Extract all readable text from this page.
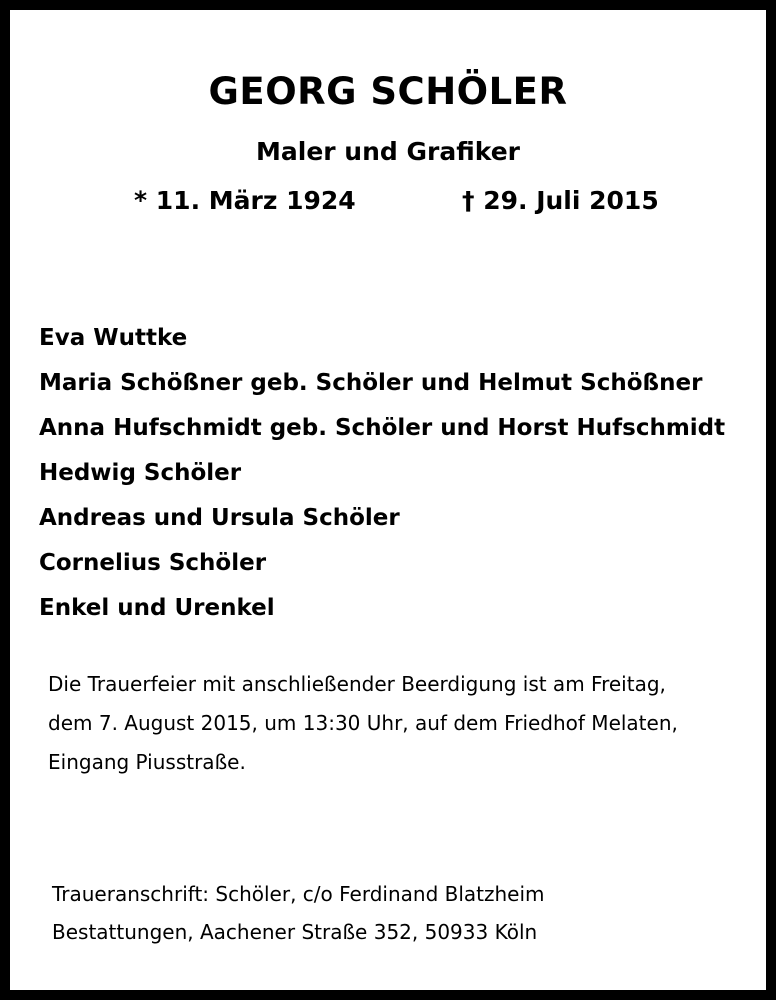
GEORG SCHÖLER
Maler und Grafiker
* 11. März 1924	† 29. Juli 2015
Eva Wuttke
Maria Schößner geb. Schöler und Helmut Schößner
Anna Hufschmidt geb. Schöler und Horst Hufschmidt
Hedwig Schöler
Andreas und Ursula Schöler
Cornelius Schöler
Enkel und Urenkel
Die Trauerfeier mit anschließender Beerdigung ist am Freitag,
dem 7. August 2015, um 13:30 Uhr, auf dem Friedhof Melaten,
Eingang Piusstraße.
Traueranschrift: Schöler, c/o Ferdinand Blatzheim
Bestattungen, Aachener Straße 352, 50933 Köln
